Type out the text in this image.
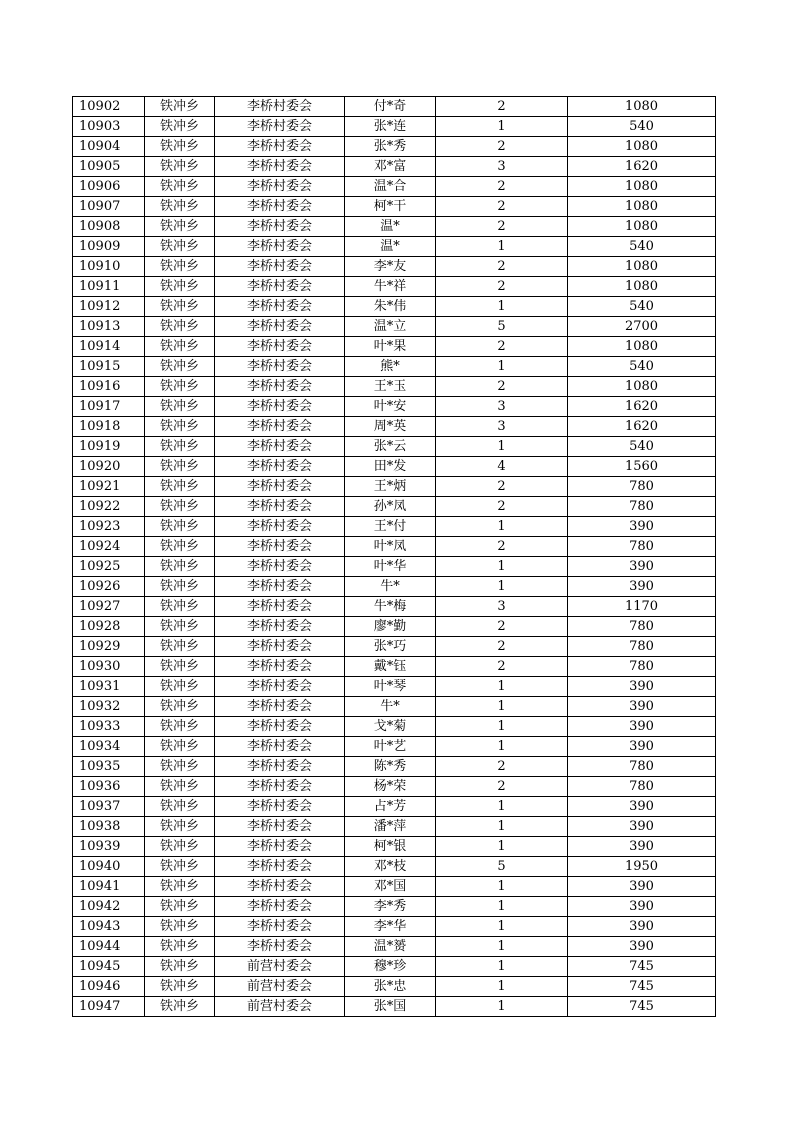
10902	铁冲乡	李桥村委会	付*奇	2	1080
10903	铁冲乡	李桥村委会	张*连	1	540
10904	铁冲乡	李桥村委会	张*秀	2	1080
10905	铁冲乡	李桥村委会	邓*富	3	1620
10906	铁冲乡	李桥村委会	温*合	2	1080
10907	铁冲乡	李桥村委会	柯*干	2	1080
10908	铁冲乡	李桥村委会	温*	2	1080
10909	铁冲乡	李桥村委会	温*	1	540
10910	铁冲乡	李桥村委会	李*友	2	1080
10911	铁冲乡	李桥村委会	牛*祥	2	1080
10912	铁冲乡	李桥村委会	朱*伟	1	540
10913	铁冲乡	李桥村委会	温*立	5	2700
10914	铁冲乡	李桥村委会	叶*果	2	1080
10915	铁冲乡	李桥村委会	熊*	1	540
10916	铁冲乡	李桥村委会	王*玉	2	1080
10917	铁冲乡	李桥村委会	叶*安	3	1620
10918	铁冲乡	李桥村委会	周*英	3	1620
10919	铁冲乡	李桥村委会	张*云	1	540
10920	铁冲乡	李桥村委会	田*发	4	1560
10921	铁冲乡	李桥村委会	王*炳	2	780
10922	铁冲乡	李桥村委会	孙*凤	2	780
10923	铁冲乡	李桥村委会	王*付	1	390
10924	铁冲乡	李桥村委会	叶*凤	2	780
10925	铁冲乡	李桥村委会	叶*华	1	390
10926	铁冲乡	李桥村委会	牛*	1	390
10927	铁冲乡	李桥村委会	牛*梅	3	1170
10928	铁冲乡	李桥村委会	廖*勤	2	780
10929	铁冲乡	李桥村委会	张*巧	2	780
10930	铁冲乡	李桥村委会	戴*钰	2	780
10931	铁冲乡	李桥村委会	叶*琴	1	390
10932	铁冲乡	李桥村委会	牛*	1	390
10933	铁冲乡	李桥村委会	戈*菊	1	390
10934	铁冲乡	李桥村委会	叶*艺	1	390
10935	铁冲乡	李桥村委会	陈*秀	2	780
10936	铁冲乡	李桥村委会	杨*荣	2	780
10937	铁冲乡	李桥村委会	占*芳	1	390
10938	铁冲乡	李桥村委会	潘*萍	1	390
10939	铁冲乡	李桥村委会	柯*银	1	390
10940	铁冲乡	李桥村委会	邓*枝	5	1950
10941	铁冲乡	李桥村委会	邓*国	1	390
10942	铁冲乡	李桥村委会	李*秀	1	390
10943	铁冲乡	李桥村委会	李*华	1	390
10944	铁冲乡	李桥村委会	温*赟	1	390
10945	铁冲乡	前营村委会	穆*珍	1	745
10946	铁冲乡	前营村委会	张*忠	1	745
10947	铁冲乡	前营村委会	张*国	1	745
